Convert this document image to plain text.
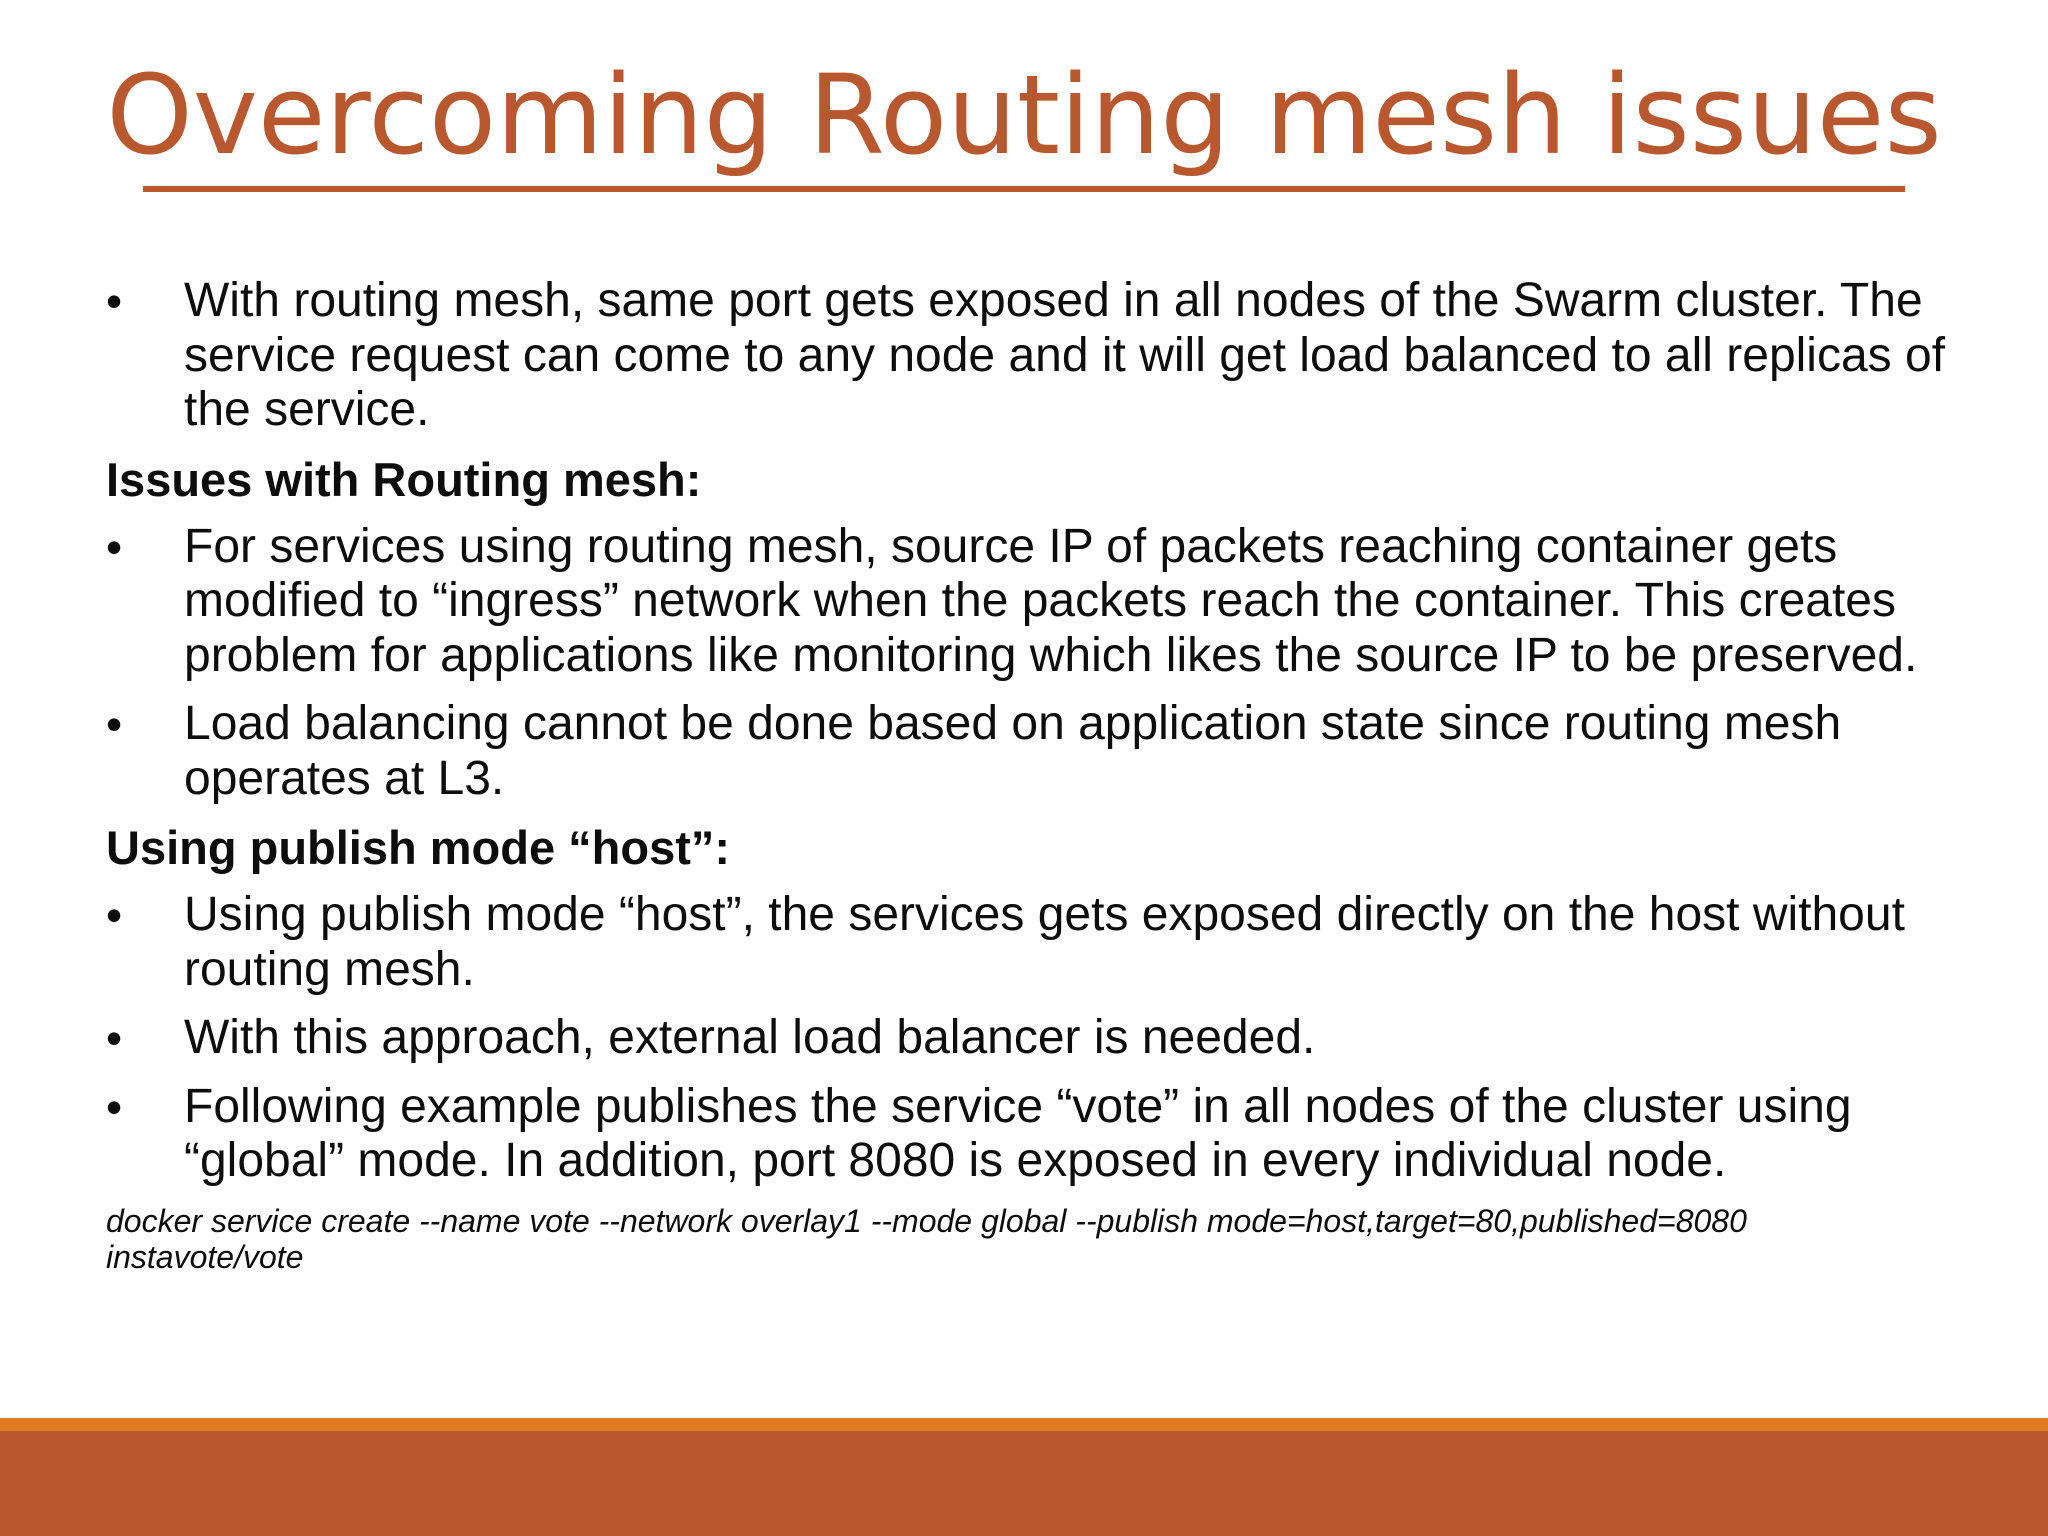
Overcoming Routing mesh issues
• With routing mesh, same port gets exposed in all nodes of the Swarm cluster. The service request can come to any node and it will get load balanced to all replicas of the service.
Issues with Routing mesh:
• For services using routing mesh, source IP of packets reaching container gets modified to “ingress” network when the packets reach the container. This creates problem for applications like monitoring which likes the source IP to be preserved.
• Load balancing cannot be done based on application state since routing mesh operates at L3.
Using publish mode “host”:
• Using publish mode “host”, the services gets exposed directly on the host without routing mesh.
• With this approach, external load balancer is needed.
• Following example publishes the service “vote” in all nodes of the cluster using “global” mode. In addition, port 8080 is exposed in every individual node.
docker service create --name vote --network overlay1 --mode global --publish mode=host,target=80,published=8080 instavote/vote
